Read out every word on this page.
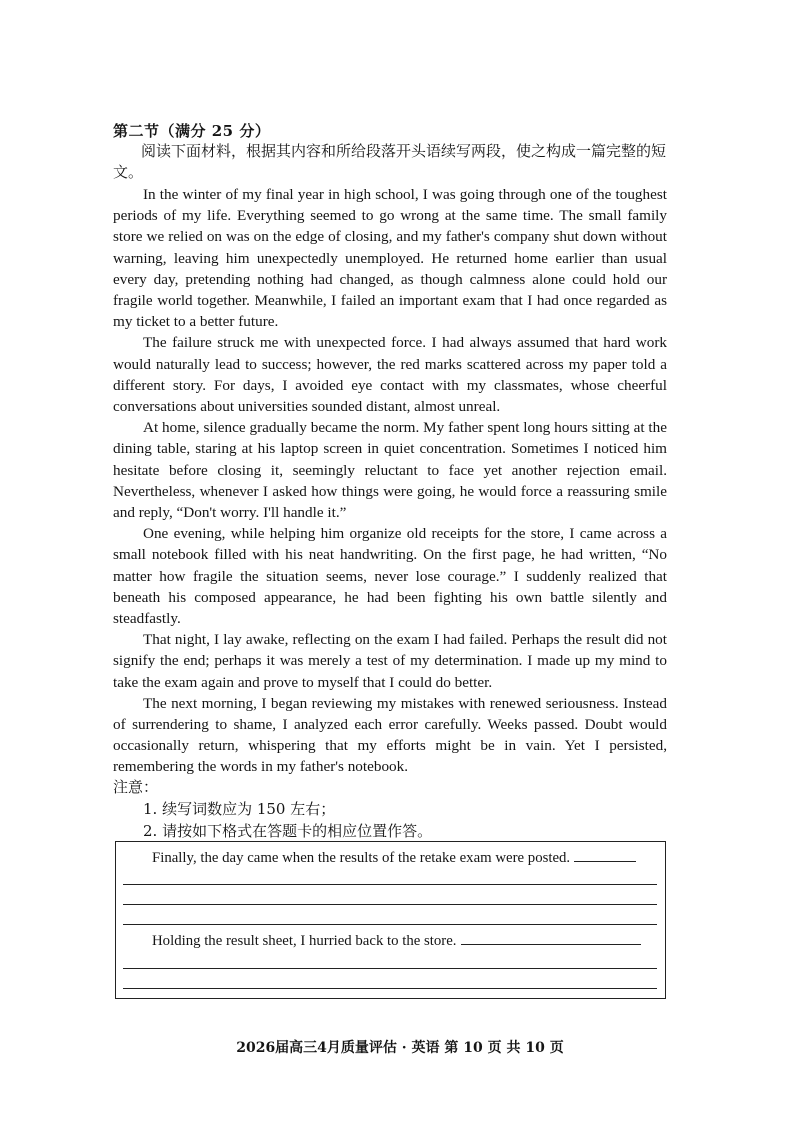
第二节（满分 25 分）
阅读下面材料，根据其内容和所给段落开头语续写两段，使之构成一篇完整的短文。

In the winter of my final year in high school, I was going through one of the toughest periods of my life. Everything seemed to go wrong at the same time. The small family store we relied on was on the edge of closing, and my father's company shut down without warning, leaving him unexpectedly unemployed. He returned home earlier than usual every day, pretending nothing had changed, as though calmness alone could hold our fragile world together. Meanwhile, I failed an important exam that I had once regarded as my ticket to a better future.

The failure struck me with unexpected force. I had always assumed that hard work would naturally lead to success; however, the red marks scattered across my paper told a different story. For days, I avoided eye contact with my classmates, whose cheerful conversations about universities sounded distant, almost unreal.

At home, silence gradually became the norm. My father spent long hours sitting at the dining table, staring at his laptop screen in quiet concentration. Sometimes I noticed him hesitate before closing it, seemingly reluctant to face yet another rejection email. Nevertheless, whenever I asked how things were going, he would force a reassuring smile and reply, “Don't worry. I'll handle it.”

One evening, while helping him organize old receipts for the store, I came across a small notebook filled with his neat handwriting. On the first page, he had written, “No matter how fragile the situation seems, never lose courage.” I suddenly realized that beneath his composed appearance, he had been fighting his own battle silently and steadfastly.

That night, I lay awake, reflecting on the exam I had failed. Perhaps the result did not signify the end; perhaps it was merely a test of my determination. I made up my mind to take the exam again and prove to myself that I could do better.

The next morning, I began reviewing my mistakes with renewed seriousness. Instead of surrendering to shame, I analyzed each error carefully. Weeks passed. Doubt would occasionally return, whispering that my efforts might be in vain. Yet I persisted, remembering the words in my father's notebook.

注意：
1. 续写词数应为 150 左右；
2. 请按如下格式在答题卡的相应位置作答。
Finally, the day came when the results of the retake exam were posted.
Holding the result sheet, I hurried back to the store.
2026届高三4月质量评估 · 英语 第 10 页 共 10 页
